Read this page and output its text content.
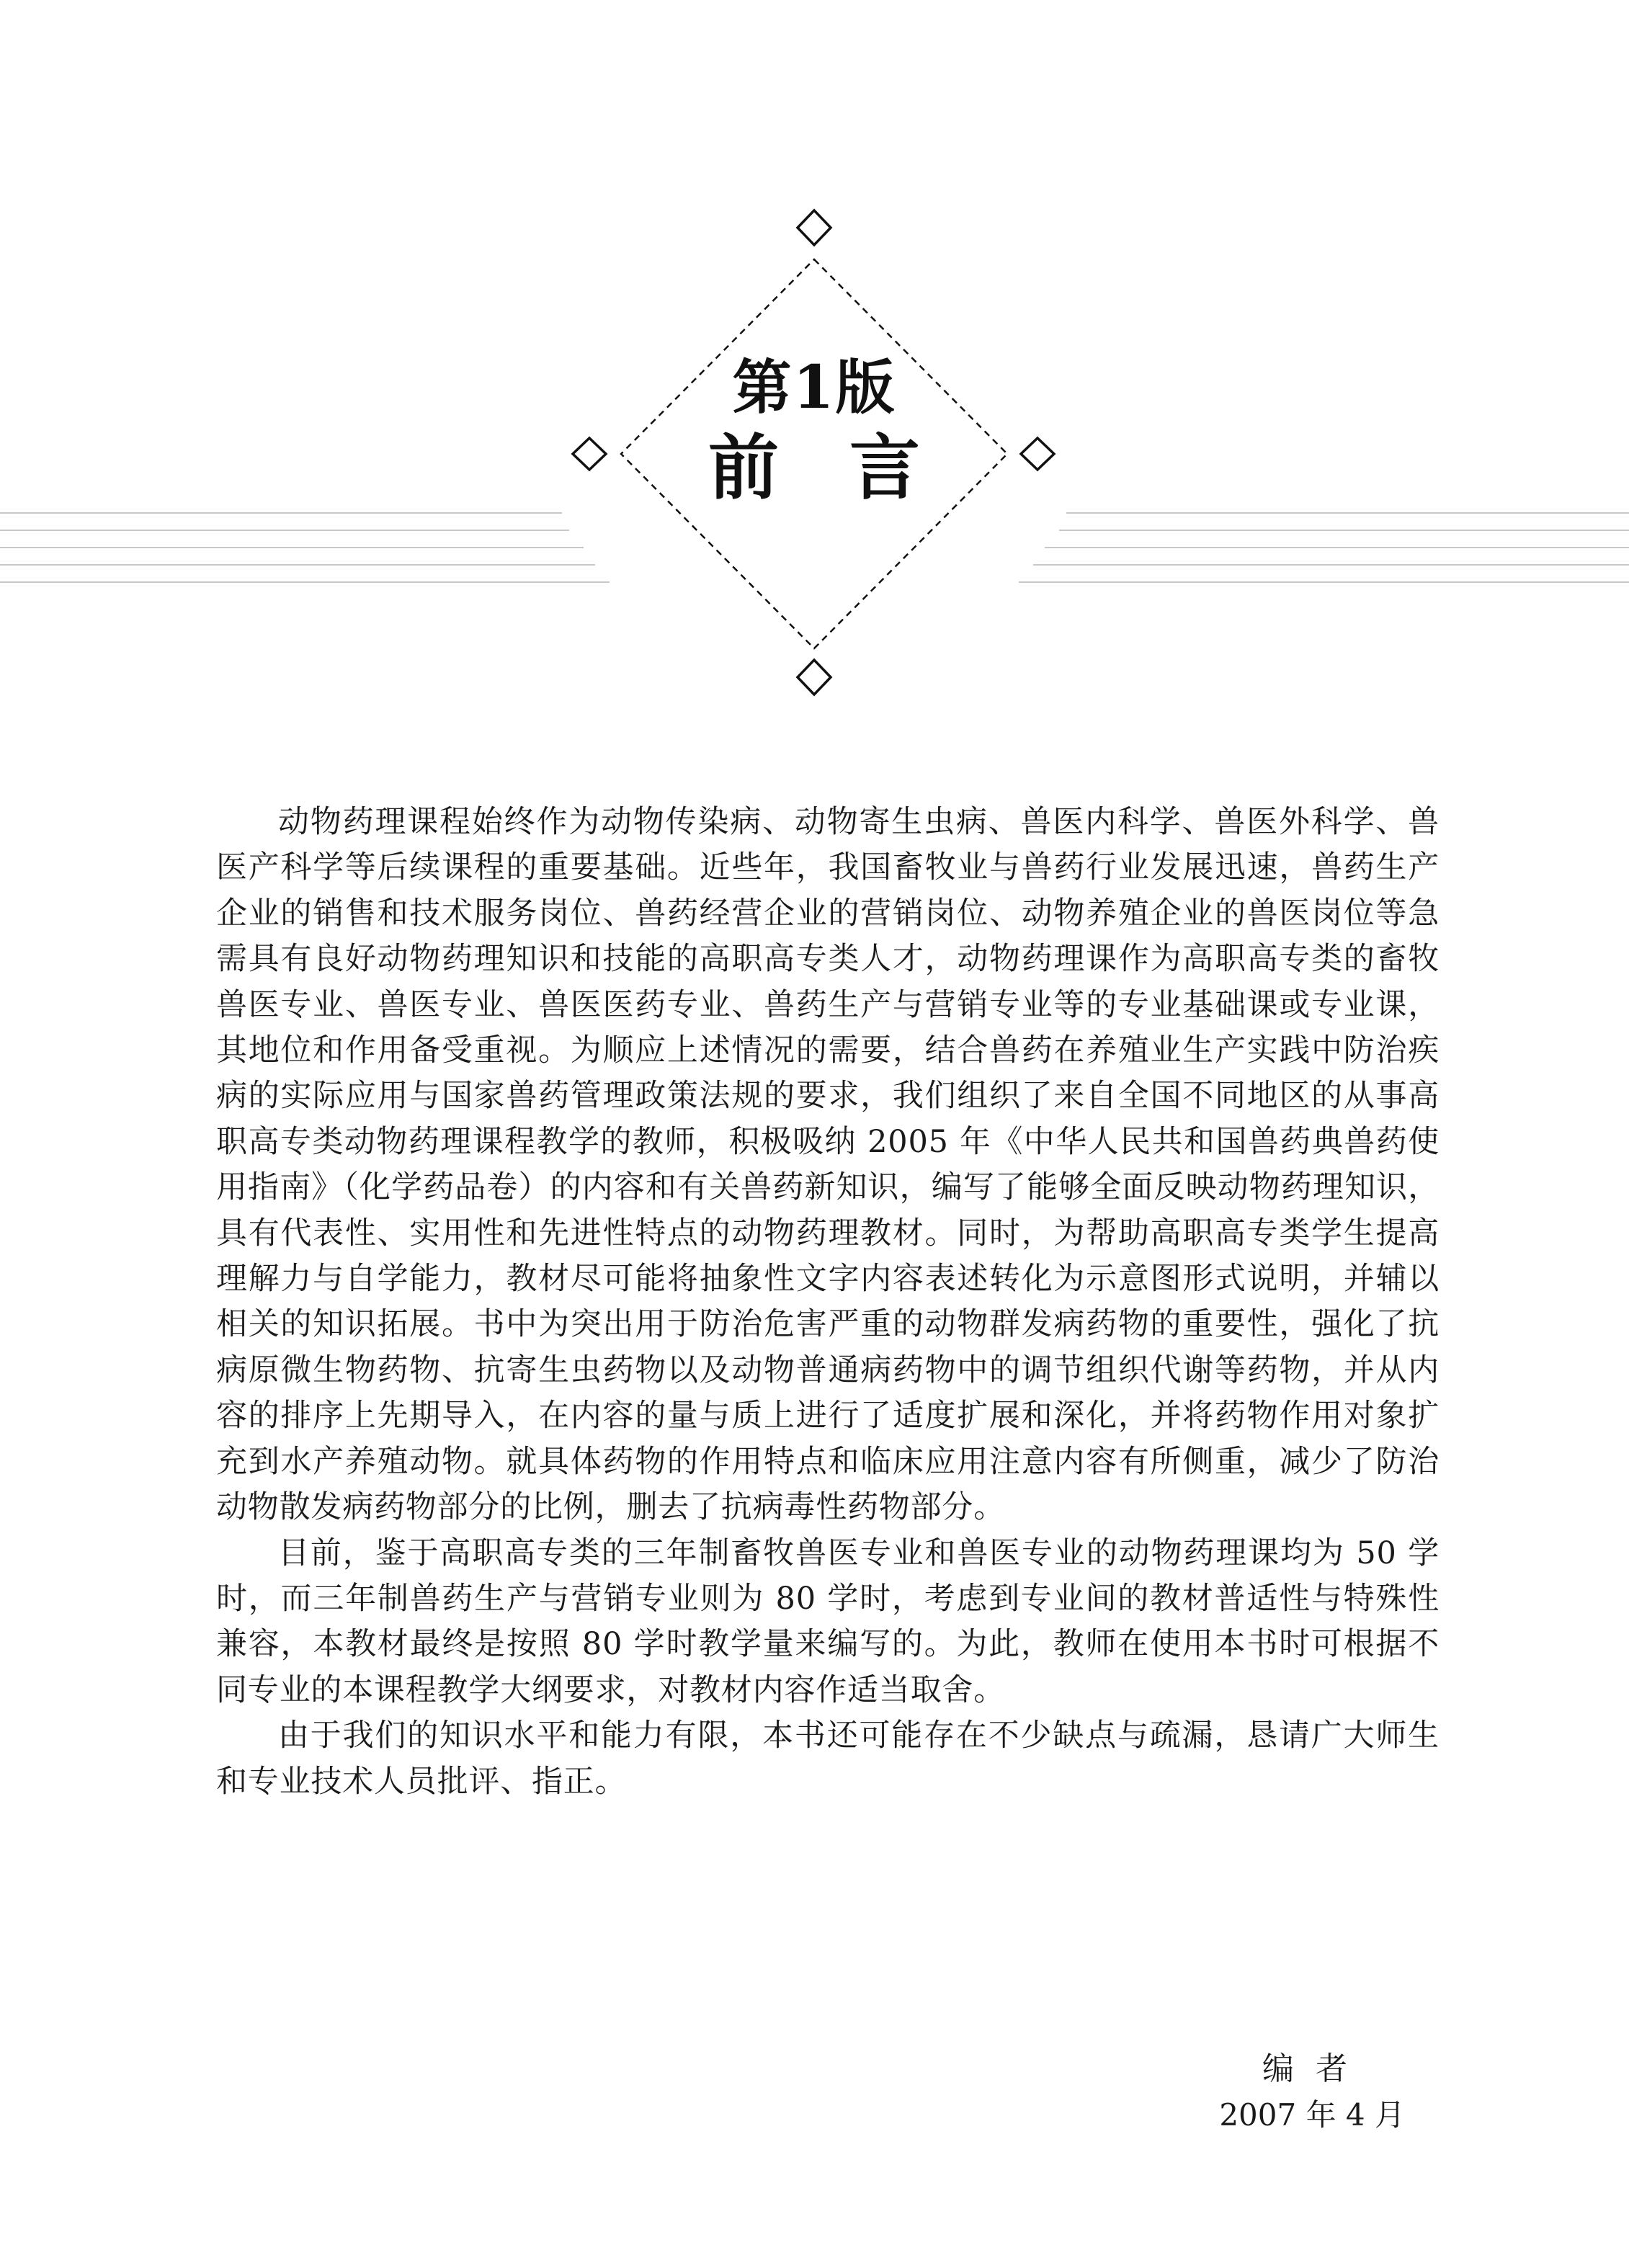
第1版
前　言

动物药理课程始终作为动物传染病、动物寄生虫病、兽医内科学、兽医外科学、兽医产科学等后续课程的重要基础。近些年，我国畜牧业与兽药行业发展迅速，兽药生产企业的销售和技术服务岗位、兽药经营企业的营销岗位、动物养殖企业的兽医岗位等急需具有良好动物药理知识和技能的高职高专类人才，动物药理课作为高职高专类的畜牧兽医专业、兽医专业、兽医医药专业、兽药生产与营销专业等的专业基础课或专业课，其地位和作用备受重视。为顺应上述情况的需要，结合兽药在养殖业生产实践中防治疾病的实际应用与国家兽药管理政策法规的要求，我们组织了来自全国不同地区的从事高职高专类动物药理课程教学的教师，积极吸纳 2005 年《中华人民共和国兽药典兽药使用指南》（化学药品卷）的内容和有关兽药新知识，编写了能够全面反映动物药理知识，具有代表性、实用性和先进性特点的动物药理教材。同时，为帮助高职高专类学生提高理解力与自学能力，教材尽可能将抽象性文字内容表述转化为示意图形式说明，并辅以相关的知识拓展。书中为突出用于防治危害严重的动物群发病药物的重要性，强化了抗病原微生物药物、抗寄生虫药物以及动物普通病药物中的调节组织代谢等药物，并从内容的排序上先期导入，在内容的量与质上进行了适度扩展和深化，并将药物作用对象扩充到水产养殖动物。就具体药物的作用特点和临床应用注意内容有所侧重，减少了防治动物散发病药物部分的比例，删去了抗病毒性药物部分。

目前，鉴于高职高专类的三年制畜牧兽医专业和兽医专业的动物药理课均为 50 学时，而三年制兽药生产与营销专业则为 80 学时，考虑到专业间的教材普适性与特殊性兼容，本教材最终是按照 80 学时教学量来编写的。为此，教师在使用本书时可根据不同专业的本课程教学大纲要求，对教材内容作适当取舍。

由于我们的知识水平和能力有限，本书还可能存在不少缺点与疏漏，恳请广大师生和专业技术人员批评、指正。

编者
2007 年 4 月
